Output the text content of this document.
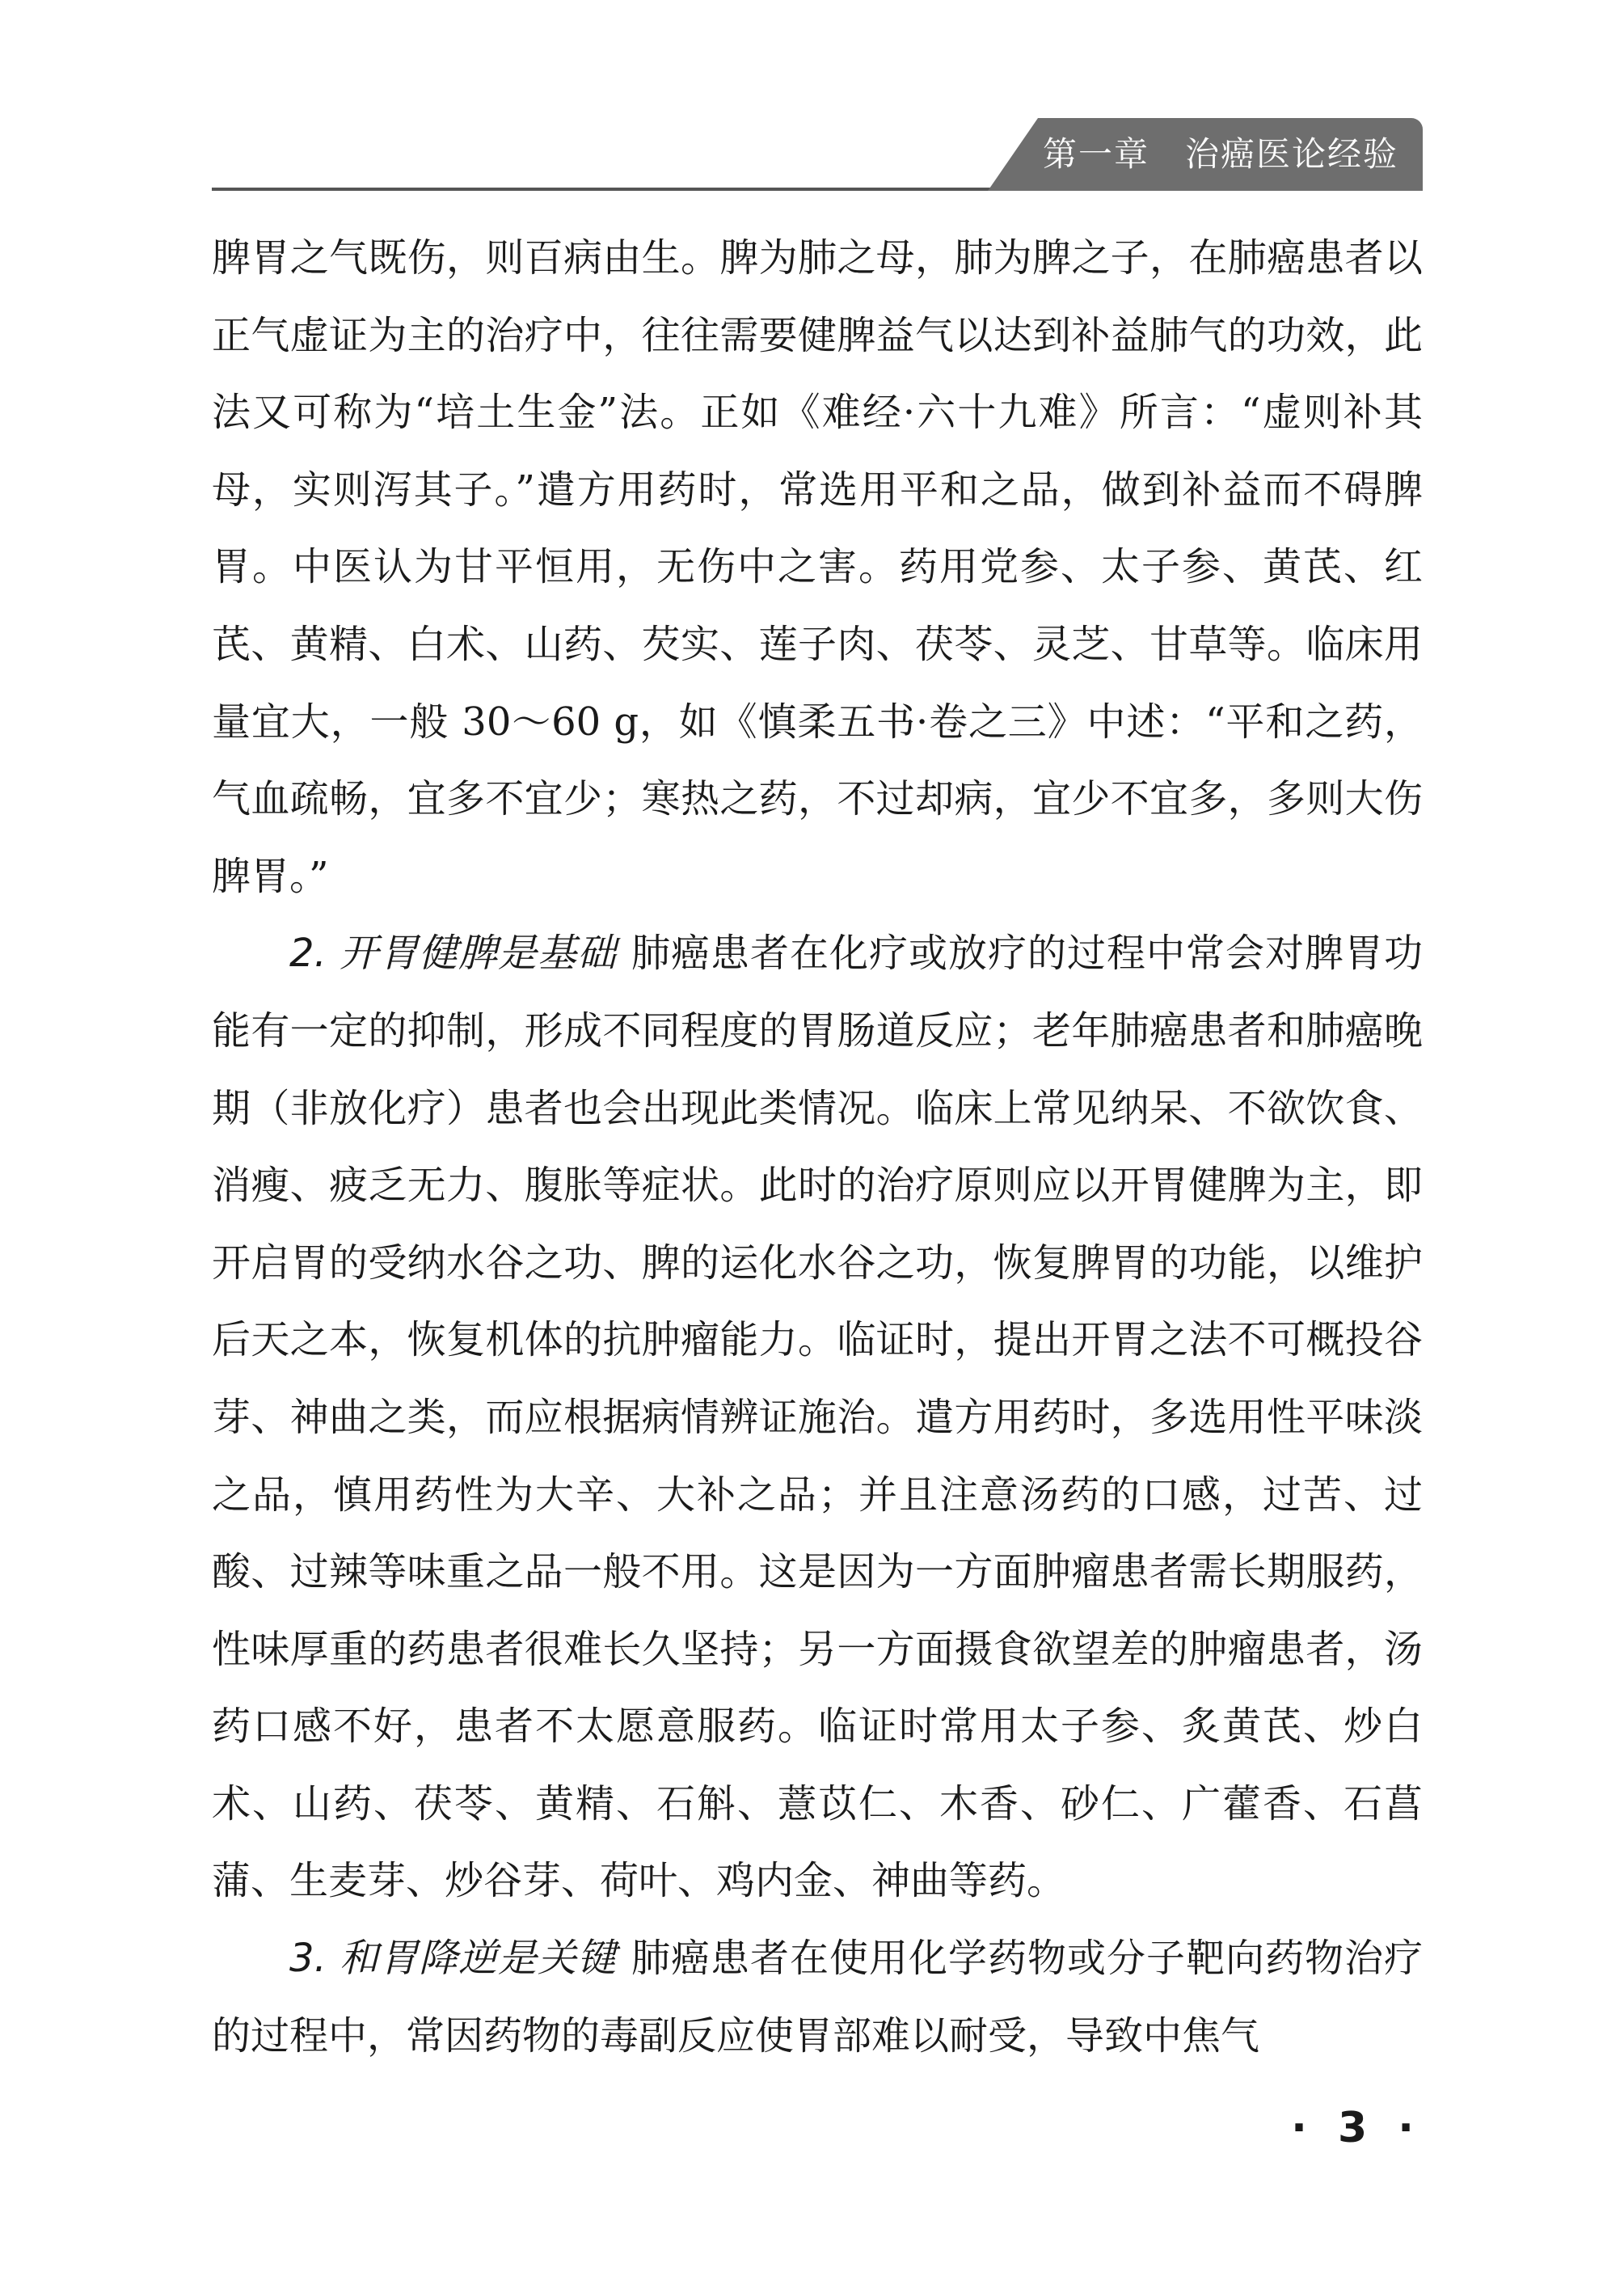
第一章 治癌医论经验

脾胃之气既伤，则百病由生。脾为肺之母，肺为脾之子，在肺癌患者以正气虚证为主的治疗中，往往需要健脾益气以达到补益肺气的功效，此法又可称为“培土生金”法。正如《难经·六十九难》所言：“虚则补其母，实则泻其子。”遣方用药时，常选用平和之品，做到补益而不碍脾胃。中医认为甘平恒用，无伤中之害。药用党参、太子参、黄芪、红芪、黄精、白术、山药、芡实、莲子肉、茯苓、灵芝、甘草等。临床用量宜大，一般 30～60 g，如《慎柔五书·卷之三》中述：“平和之药，气血疏畅，宜多不宜少；寒热之药，不过却病，宜少不宜多，多则大伤脾胃。”

2. 开胃健脾是基础 肺癌患者在化疗或放疗的过程中常会对脾胃功能有一定的抑制，形成不同程度的胃肠道反应；老年肺癌患者和肺癌晚期（非放化疗）患者也会出现此类情况。临床上常见纳呆、不欲饮食、消瘦、疲乏无力、腹胀等症状。此时的治疗原则应以开胃健脾为主，即开启胃的受纳水谷之功、脾的运化水谷之功，恢复脾胃的功能，以维护后天之本，恢复机体的抗肿瘤能力。临证时，提出开胃之法不可概投谷芽、神曲之类，而应根据病情辨证施治。遣方用药时，多选用性平味淡之品，慎用药性为大辛、大补之品；并且注意汤药的口感，过苦、过酸、过辣等味重之品一般不用。这是因为一方面肿瘤患者需长期服药，性味厚重的药患者很难长久坚持；另一方面摄食欲望差的肿瘤患者，汤药口感不好，患者不太愿意服药。临证时常用太子参、炙黄芪、炒白术、山药、茯苓、黄精、石斛、薏苡仁、木香、砂仁、广藿香、石菖蒲、生麦芽、炒谷芽、荷叶、鸡内金、神曲等药。

3. 和胃降逆是关键 肺癌患者在使用化学药物或分子靶向药物治疗的过程中，常因药物的毒副反应使胃部难以耐受，导致中焦气

· 3 ·
